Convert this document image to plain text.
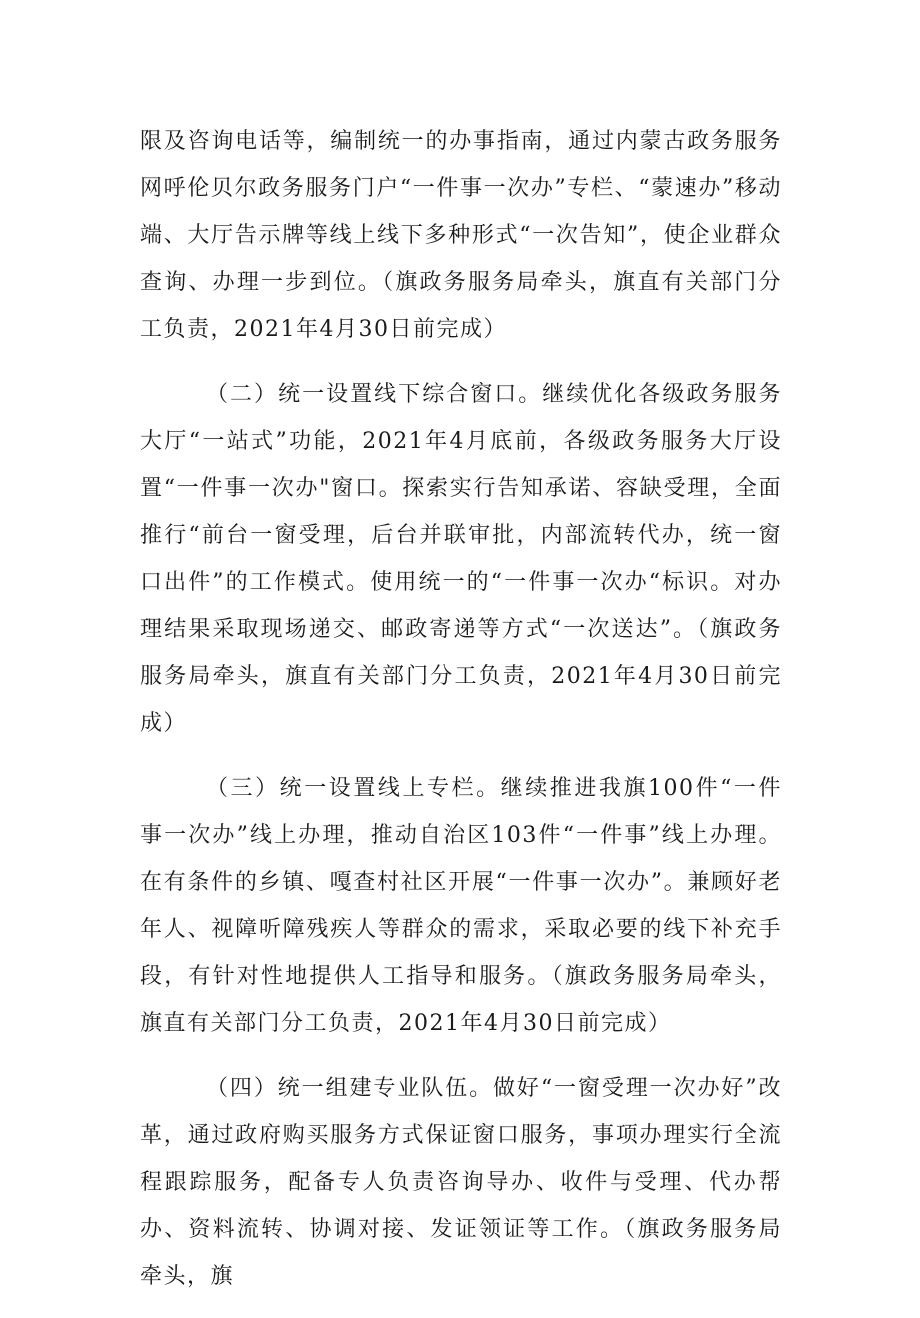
限及咨询电话等，编制统一的办事指南，通过内蒙古政务服务网呼伦贝尔政务服务门户“一件事一次办”专栏、“蒙速办”移动端、大厅告示牌等线上线下多种形式“一次告知”，使企业群众查询、办理一步到位。（旗政务服务局牵头，旗直有关部门分工负责，2021年4月30日前完成）

（二）统一设置线下综合窗口。继续优化各级政务服务大厅“一站式”功能，2021年4月底前，各级政务服务大厅设置“一件事一次办"窗口。探索实行告知承诺、容缺受理，全面推行“前台一窗受理，后台并联审批，内部流转代办，统一窗口出件”的工作模式。使用统一的“一件事一次办“标识。对办理结果采取现场递交、邮政寄递等方式“一次送达”。（旗政务服务局牵头，旗直有关部门分工负责，2021年4月30日前完成）

（三）统一设置线上专栏。继续推进我旗100件“一件事一次办”线上办理，推动自治区103件“一件事”线上办理。在有条件的乡镇、嘎查村社区开展“一件事一次办”。兼顾好老年人、视障听障残疾人等群众的需求，采取必要的线下补充手段，有针对性地提供人工指导和服务。（旗政务服务局牵头，旗直有关部门分工负责，2021年4月30日前完成）

（四）统一组建专业队伍。做好“一窗受理一次办好”改革，通过政府购买服务方式保证窗口服务，事项办理实行全流程跟踪服务，配备专人负责咨询导办、收件与受理、代办帮办、资料流转、协调对接、发证领证等工作。（旗政务服务局牵头，旗
